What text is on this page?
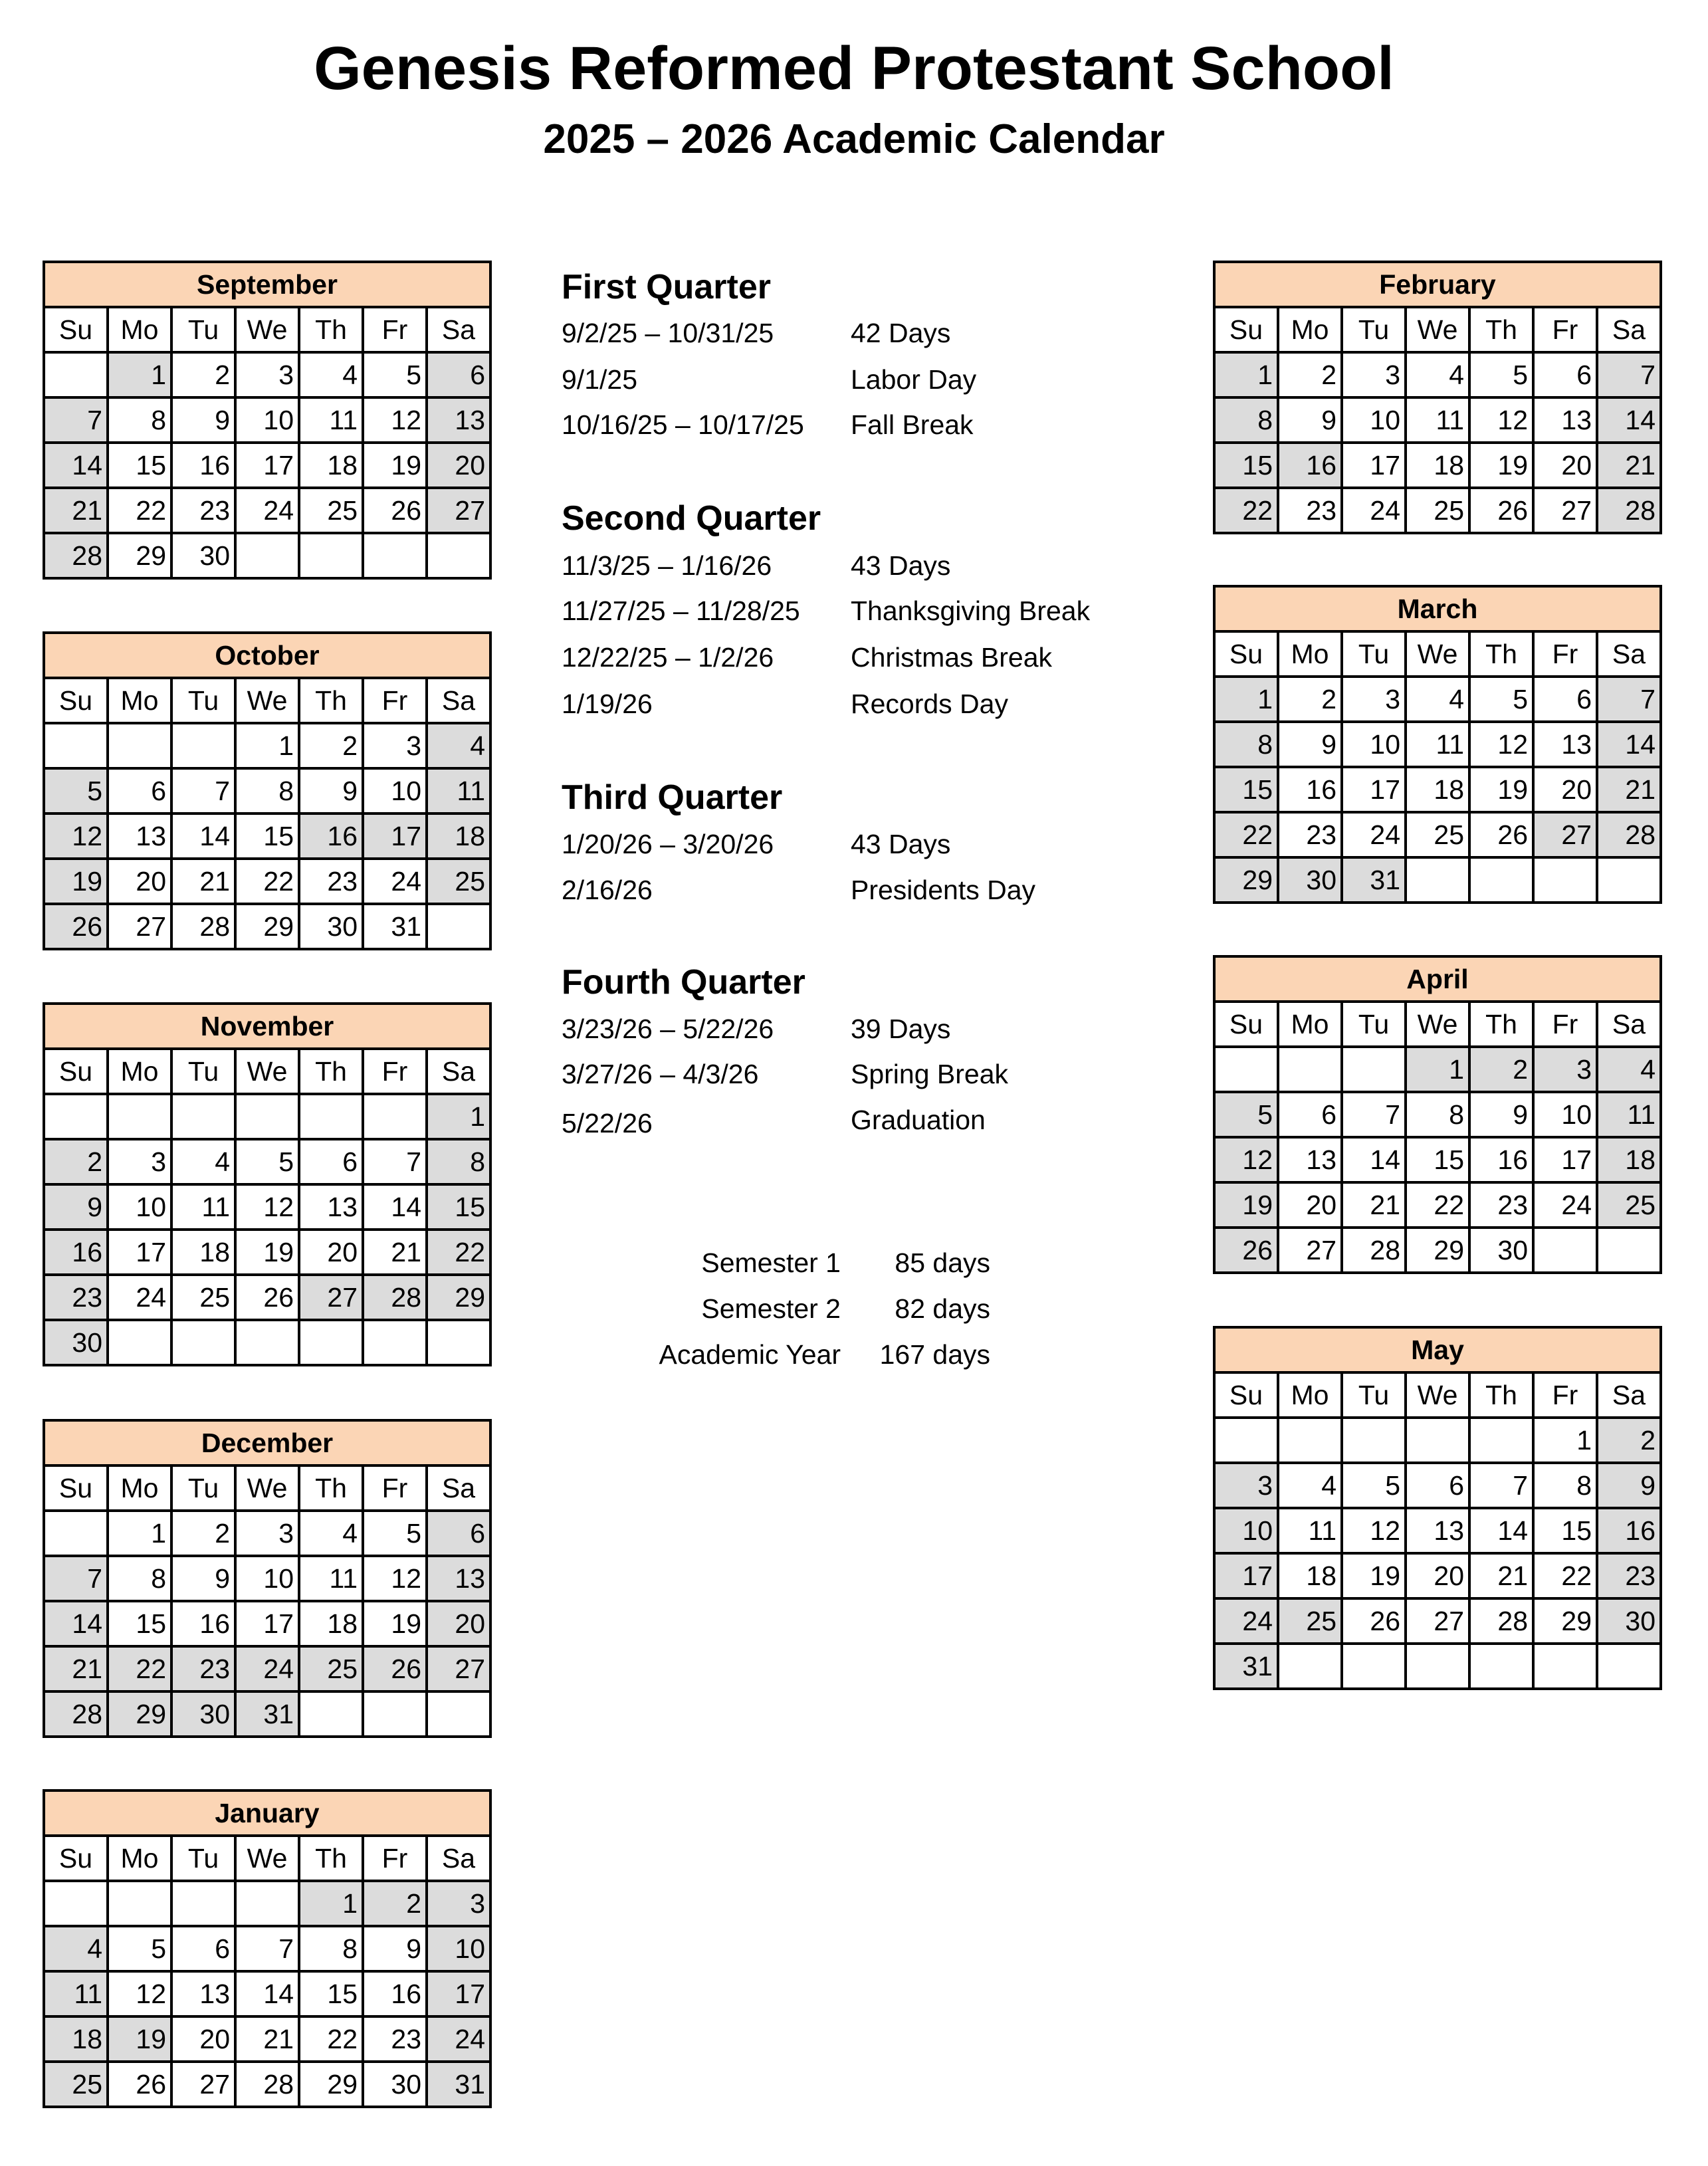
Genesis Reformed Protestant School
2025 – 2026 Academic Calendar
September						
Su	Mo	Tu	We	Th	Fr	Sa
	1	2	3	4	5	6
7	8	9	10	11	12	13
14	15	16	17	18	19	20
21	22	23	24	25	26	27
28	29	30				
October						
Su	Mo	Tu	We	Th	Fr	Sa
			1	2	3	4
5	6	7	8	9	10	11
12	13	14	15	16	17	18
19	20	21	22	23	24	25
26	27	28	29	30	31	
November						
Su	Mo	Tu	We	Th	Fr	Sa
						1
2	3	4	5	6	7	8
9	10	11	12	13	14	15
16	17	18	19	20	21	22
23	24	25	26	27	28	29
30						
December						
Su	Mo	Tu	We	Th	Fr	Sa
	1	2	3	4	5	6
7	8	9	10	11	12	13
14	15	16	17	18	19	20
21	22	23	24	25	26	27
28	29	30	31			
January						
Su	Mo	Tu	We	Th	Fr	Sa
				1	2	3
4	5	6	7	8	9	10
11	12	13	14	15	16	17
18	19	20	21	22	23	24
25	26	27	28	29	30	31
February						
Su	Mo	Tu	We	Th	Fr	Sa
1	2	3	4	5	6	7
8	9	10	11	12	13	14
15	16	17	18	19	20	21
22	23	24	25	26	27	28
March						
Su	Mo	Tu	We	Th	Fr	Sa
1	2	3	4	5	6	7
8	9	10	11	12	13	14
15	16	17	18	19	20	21
22	23	24	25	26	27	28
29	30	31				
April						
Su	Mo	Tu	We	Th	Fr	Sa
			1	2	3	4
5	6	7	8	9	10	11
12	13	14	15	16	17	18
19	20	21	22	23	24	25
26	27	28	29	30		
May						
Su	Mo	Tu	We	Th	Fr	Sa
					1	2
3	4	5	6	7	8	9
10	11	12	13	14	15	16
17	18	19	20	21	22	23
24	25	26	27	28	29	30
31						
First Quarter
9/2/25 – 10/31/25	42 Days
9/1/25	Labor Day
10/16/25 – 10/17/25 Fall Break
Second Quarter
11/3/25 – 1/16/26	43 Days
11/27/25 – 11/28/25 Thanksgiving Break
12/22/25 – 1/2/26	Christmas Break
1/19/26	Records Day
Third Quarter
1/20/26 – 3/20/26	43 Days
2/16/26	Presidents Day
Fourth Quarter
3/23/26 – 5/22/26	39 Days
3/27/26 – 4/3/26	Spring Break
5/22/26	Graduation
Semester 1	85 days
Semester 2	82 days
Academic Year	167 days
